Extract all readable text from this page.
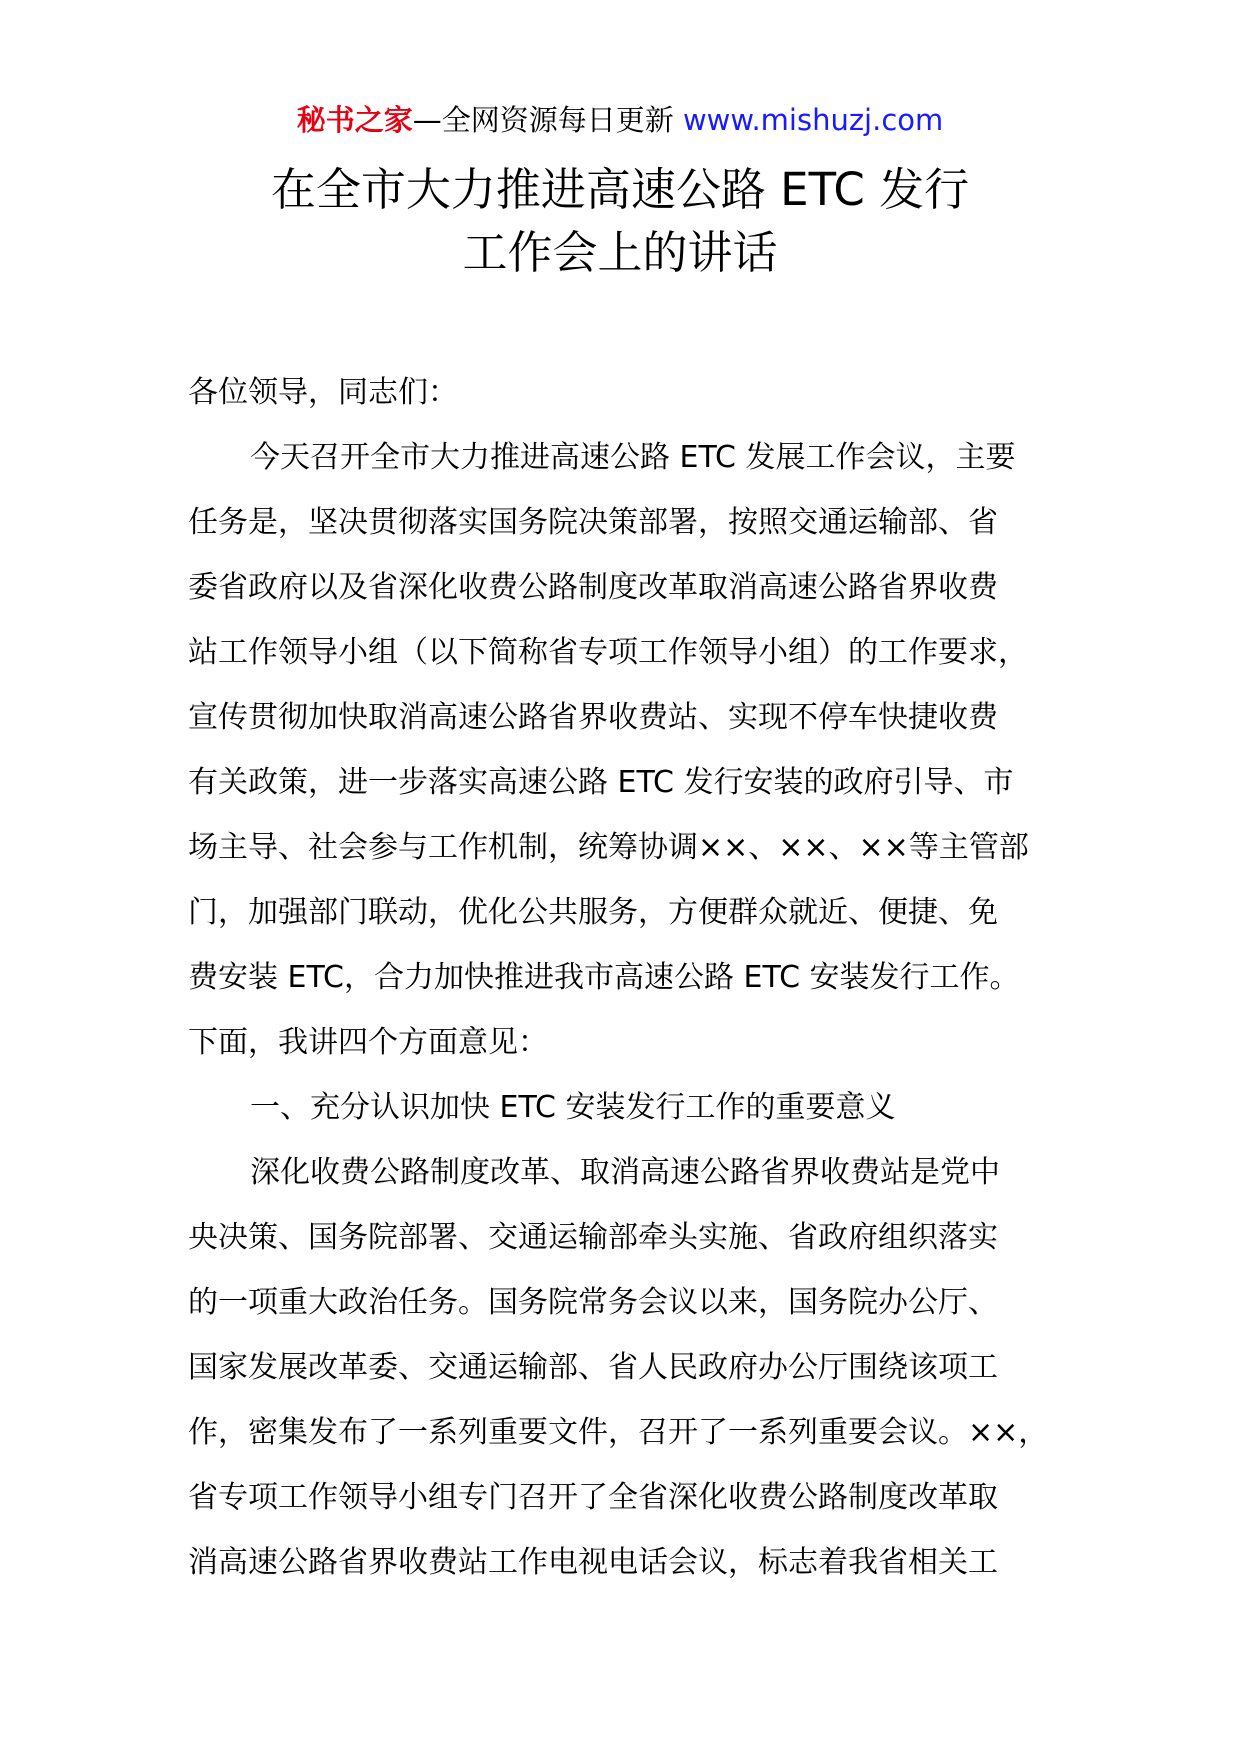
秘书之家—全网资源每日更新 www.mishuzj.com
在全市大力推进高速公路 ETC 发行
工作会上的讲话

各位领导，同志们：

今天召开全市大力推进高速公路 ETC 发展工作会议，主要

任务是，坚决贯彻落实国务院决策部署，按照交通运输部、省

委省政府以及省深化收费公路制度改革取消高速公路省界收费

站工作领导小组（以下简称省专项工作领导小组）的工作要求，

宣传贯彻加快取消高速公路省界收费站、实现不停车快捷收费

有关政策，进一步落实高速公路 ETC 发行安装的政府引导、市

场主导、社会参与工作机制，统筹协调××、××、××等主管部

门，加强部门联动，优化公共服务，方便群众就近、便捷、免

费安装 ETC，合力加快推进我市高速公路 ETC 安装发行工作。

下面，我讲四个方面意见：

一、充分认识加快 ETC 安装发行工作的重要意义

深化收费公路制度改革、取消高速公路省界收费站是党中

央决策、国务院部署、交通运输部牵头实施、省政府组织落实

的一项重大政治任务。国务院常务会议以来，国务院办公厅、

国家发展改革委、交通运输部、省人民政府办公厅围绕该项工

作，密集发布了一系列重要文件，召开了一系列重要会议。××，

省专项工作领导小组专门召开了全省深化收费公路制度改革取

消高速公路省界收费站工作电视电话会议，标志着我省相关工
